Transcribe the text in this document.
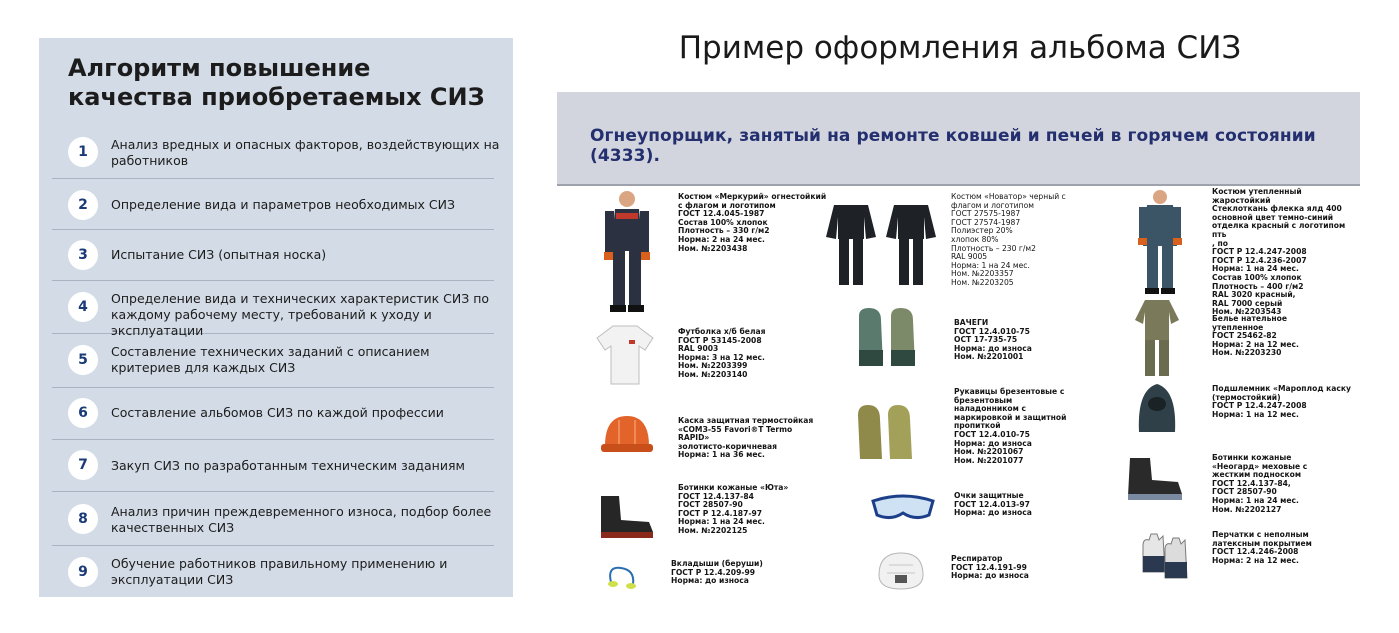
Алгоритм повышение качества приобретаемых СИЗ
1	Анализ вредных и опасных факторов, воздействующих на работников
2	Определение вида и параметров необходимых СИЗ
3	Испытание СИЗ (опытная носка)
4
Определение вида и технических характеристик СИЗ по каждому рабочему месту, требований к уходу и эксплуатации
5
Составление технических заданий с описанием критериев для каждых СИЗ
6	Составление альбомов СИЗ по каждой профессии
7	Закуп СИЗ по разработанным техническим заданиям
8	Анализ причин преждевременного износа, подбор более качественных СИЗ
9
Обучение работников правильному применению и эксплуатации СИЗ
Пример оформления альбома СИЗ
Огнеупорщик, занятый на ремонте ковшей и печей в горячем состоянии (4333).
Костюм «Меркурий» огнестойкий
с флагом и логотипом
ГОСТ 12.4.045-1987
Состав 100% хлопок
Плотность – 330 г/м2
Норма: 2 на 24 мес.
Ном. №2203438
Костюм «Новатор» черный с
флагом и логотипом
ГОСТ 27575-1987
ГОСТ 27574-1987
Полиэстер 20%
хлопок 80%
Плотность – 230 г/м2
RAL 9005
Норма: 1 на 24 мес.
Ном. №2203357
Ном. №2203205
Костюм утепленный жаростойкий
Стеклоткань флекка ялд 400
основной цвет темно-синий
отделка красный с логотипом пть
, по
ГОСТ Р 12.4.247-2008
ГОСТ Р 12.4.236-2007
Норма: 1 на 24 мес.
Состав 100% хлопок
Плотность – 400 г/м2
RAL 3020 красный,
RAL 7000 серый
Ном. №2203543
Футболка х/б белая
ГОСТ Р 53145-2008
RAL 9003
Норма: 3 на 12 мес.
Ном. №2203399
Ном. №2203140
ВАЧЕГИ
ГОСТ 12.4.010-75
ОСТ 17-735-75
Норма: до износа
Ном. №2201001
Белье нательное
утепленное
ГОСТ 25462-82
Норма: 2 на 12 мес.
Ном. №2203230
Каска защитная термостойкая
«СОМЗ-55 Favori®T Termo
RAPID»
золотисто-коричневая
Норма: 1 на 36 мес.
Рукавицы брезентовые с
брезентовым
наладонником с
маркировкой и защитной
пропиткой
ГОСТ 12.4.010-75
Норма: до износа
Ном. №2201067
Ном. №2201077
Подшлемник «Мароплод каску
(термостойкий)
ГОСТ Р 12.4.247-2008
Норма: 1 на 12 мес.
Ботинки кожаные «Юта»
ГОСТ 12.4.137-84
ГОСТ 28507-90
ГОСТ Р 12.4.187-97
Норма: 1 на 24 мес.
Ном. №2202125
Очки защитные
ГОСТ 12.4.013-97
Норма: до износа
Ботинки кожаные
«Неогард» меховые с
жестким подноском
ГОСТ 12.4.137-84,
ГОСТ 28507-90
Норма: 1 на 24 мес.
Ном. №2202127
Вкладыши (беруши)
ГОСТ Р 12.4.209-99
Норма: до износа
Респиратор
ГОСТ 12.4.191-99
Норма: до износа
Перчатки с неполным
латексным покрытием
ГОСТ 12.4.246-2008
Норма: 2 на 12 мес.
